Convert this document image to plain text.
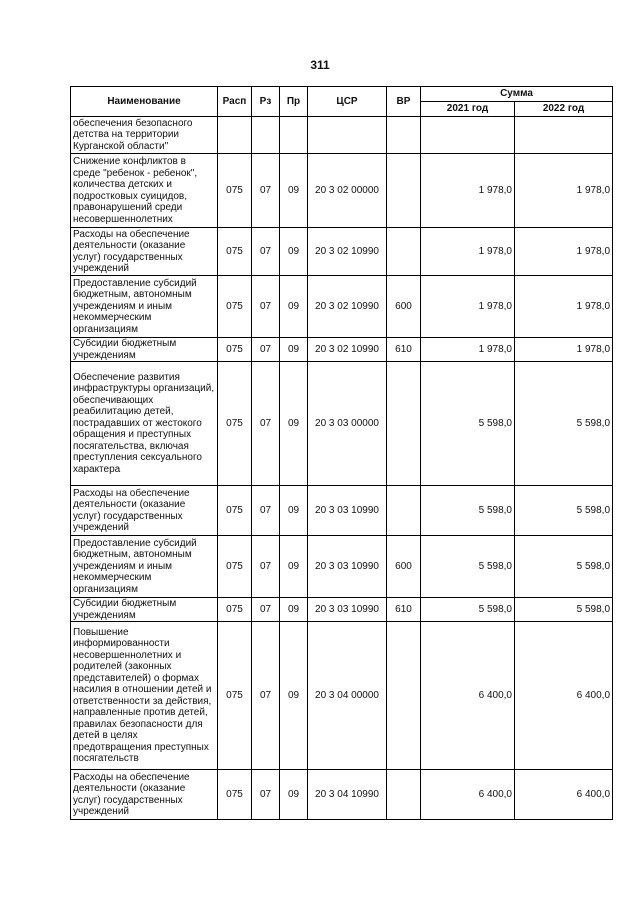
311
Наименование	Расп	Рз	Пр	ЦСР	ВР	Сумма	
						2021 год	2022 год
обеспечения безопасного детства на территории Курганской области"							
Снижение конфликтов в среде "ребенок - ребенок", количества детских и подростковых суицидов, правонарушений среди несовершеннолетних	075	07	09	20 3 02 00000		1 978,0	1 978,0
Расходы на обеспечение деятельности (оказание услуг) государственных учреждений	075	07	09	20 3 02 10990		1 978,0	1 978,0
Предоставление субсидий бюджетным, автономным учреждениям и иным некоммерческим организациям	075	07	09	20 3 02 10990	600	1 978,0	1 978,0
Субсидии бюджетным учреждениям	075	07	09	20 3 02 10990	610	1 978,0	1 978,0
Обеспечение развития инфраструктуры организаций, обеспечивающих реабилитацию детей, пострадавших от жестокого обращения и преступных посягательства, включая преступления сексуального характера	075	07	09	20 3 03 00000		5 598,0	5 598,0
Расходы на обеспечение деятельности (оказание услуг) государственных учреждений	075	07	09	20 3 03 10990		5 598,0	5 598,0
Предоставление субсидий бюджетным, автономным учреждениям и иным некоммерческим организациям	075	07	09	20 3 03 10990	600	5 598,0	5 598,0
Субсидии бюджетным учреждениям	075	07	09	20 3 03 10990	610	5 598,0	5 598,0
Повышение информированности несовершеннолетних и родителей (законных представителей) о формах насилия в отношении детей и ответственности за действия, направленные против детей, правилах безопасности для детей в целях предотвращения преступных посягательств	075	07	09	20 3 04 00000		6 400,0	6 400,0
Расходы на обеспечение деятельности (оказание услуг) государственных учреждений	075	07	09	20 3 04 10990		6 400,0	6 400,0
